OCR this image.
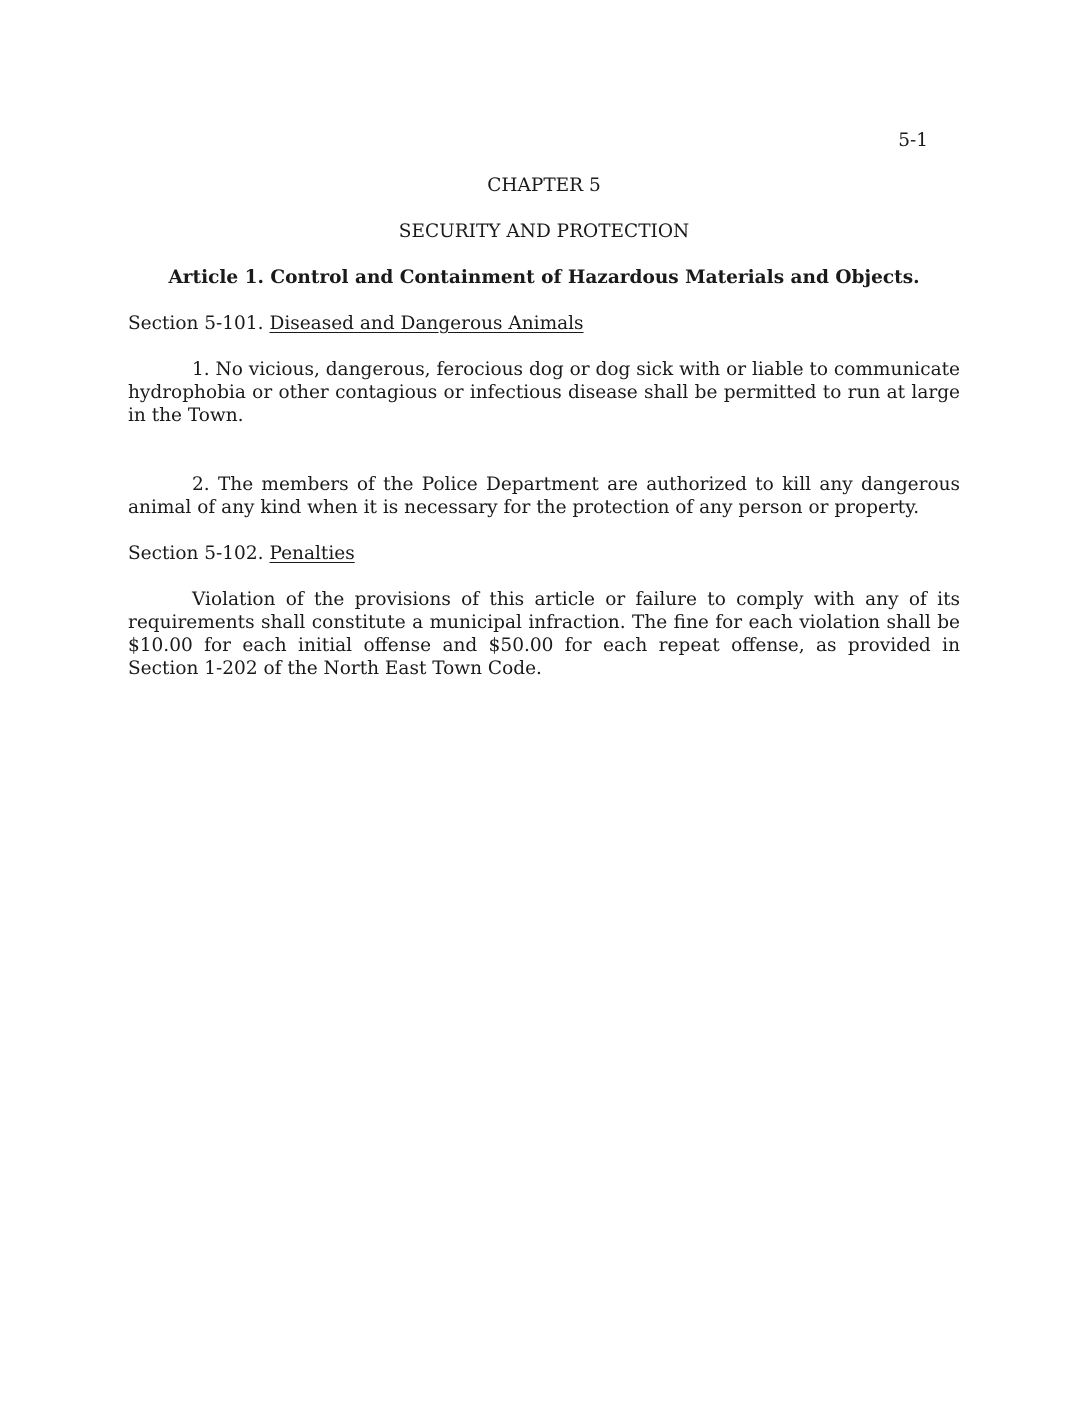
5-1
CHAPTER 5
SECURITY AND PROTECTION
Article 1. Control and Containment of Hazardous Materials and Objects.
Section 5-101. Diseased and Dangerous Animals

1. No vicious, dangerous, ferocious dog or dog sick with or liable to communicate hydrophobia or other contagious or infectious disease shall be permitted to run at large in the Town.

2. The members of the Police Department are authorized to kill any dangerous animal of any kind when it is necessary for the protection of any person or property.

Section 5-102. Penalties

Violation of the provisions of this article or failure to comply with any of its requirements shall constitute a municipal infraction. The fine for each violation shall be $10.00 for each initial offense and $50.00 for each repeat offense, as provided in Section 1-202 of the North East Town Code.
